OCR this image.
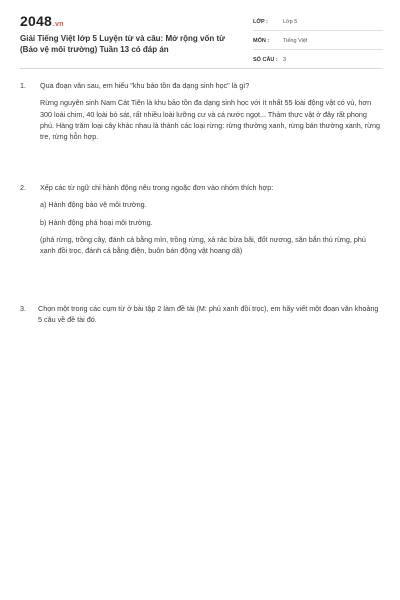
2048.vn
Giải Tiếng Việt lớp 5 Luyện từ và câu: Mở rộng vốn từ (Bảo vệ môi trường) Tuần 13 có đáp án
LỚP :	Lớp 5
MÔN :	Tiếng Việt
SỐ CÂU : 3
1. Qua đoạn văn sau, em hiểu "khu bảo tồn đa dạng sinh học" là gì?

Rừng nguyên sinh Nam Cát Tiên là khu bảo tồn đa dạng sinh học với ít nhất 55 loài động vật có vú, hơn 300 loài chim, 40 loài bò sát, rất nhiều loài lưỡng cư và cá nước ngọt... Thảm thực vật ở đây rất phong phú. Hàng trăm loại cây khác nhau là thành các loại rừng: rừng thường xanh, rừng bán thường xanh, rừng tre, rừng hỗn hợp.

2. Xếp các từ ngữ chỉ hành động nêu trong ngoặc đơn vào nhóm thích hợp:

a) Hành động bảo vệ môi trường.

b) Hành động phá hoại môi trường.

(phá rừng, trồng cây, đánh cá bằng mìn, trồng rừng, xả rác bừa bãi, đốt nương, săn bắn thú rừng, phủ xanh đồi trọc, đánh cá bằng điện, buôn bán động vật hoang dã)

3. Chọn một trong các cụm từ ở bài tập 2 làm đề tài (M: phủ xanh đồi trọc), em hãy viết một đoạn văn khoảng 5 câu về đề tài đó.
